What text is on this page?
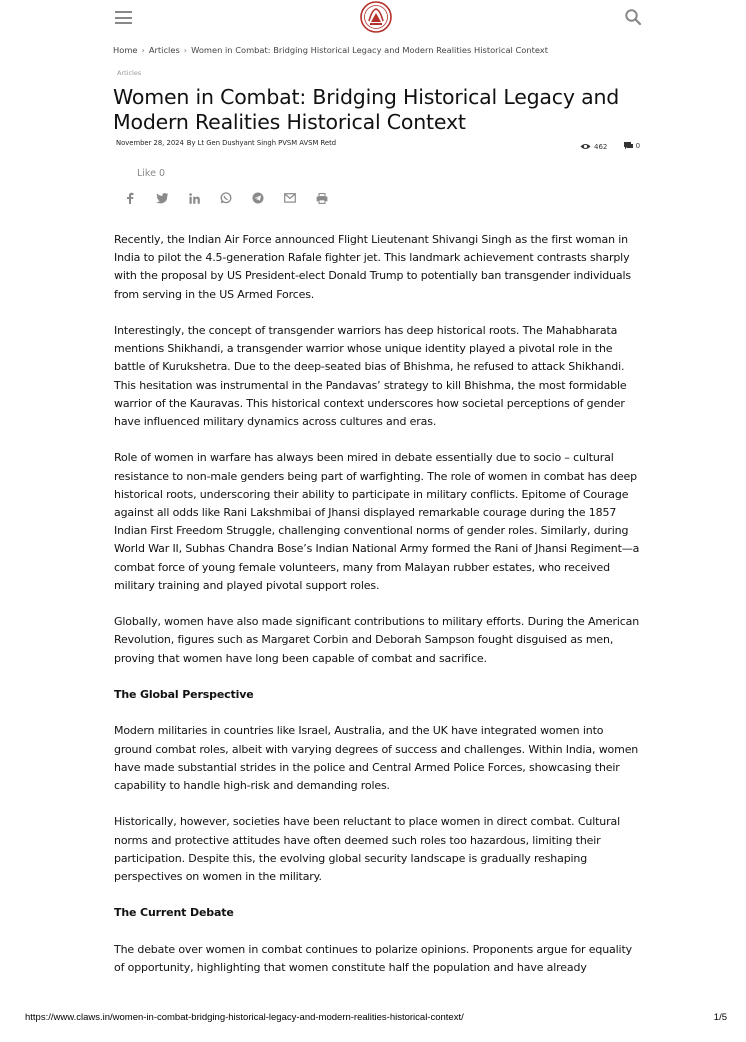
Home › Articles › Women in Combat: Bridging Historical Legacy and Modern Realities Historical Context
Articles
Women in Combat: Bridging Historical Legacy and Modern Realities Historical Context
November 28, 2024 By Lt Gen Dushyant Singh PVSM AVSM Retd	462
	0
Like 0

Recently, the Indian Air Force announced Flight Lieutenant Shivangi Singh as the first woman in India to pilot the 4.5-generation Rafale fighter jet. This landmark achievement contrasts sharply with the proposal by US President-elect Donald Trump to potentially ban transgender individuals from serving in the US Armed Forces.

Interestingly, the concept of transgender warriors has deep historical roots. The Mahabharata mentions Shikhandi, a transgender warrior whose unique identity played a pivotal role in the battle of Kurukshetra. Due to the deep-seated bias of Bhishma, he refused to attack Shikhandi. This hesitation was instrumental in the Pandavas’ strategy to kill Bhishma, the most formidable warrior of the Kauravas. This historical context underscores how societal perceptions of gender have influenced military dynamics across cultures and eras.

Role of women in warfare has always been mired in debate essentially due to socio – cultural resistance to non-male genders being part of warfighting. The role of women in combat has deep historical roots, underscoring their ability to participate in military conflicts. Epitome of Courage against all odds like Rani Lakshmibai of Jhansi displayed remarkable courage during the 1857 Indian First Freedom Struggle, challenging conventional norms of gender roles. Similarly, during World War II, Subhas Chandra Bose’s Indian National Army formed the Rani of Jhansi Regiment—a combat force of young female volunteers, many from Malayan rubber estates, who received military training and played pivotal support roles.

Globally, women have also made significant contributions to military efforts. During the American Revolution, figures such as Margaret Corbin and Deborah Sampson fought disguised as men, proving that women have long been capable of combat and sacrifice.

The Global Perspective

Modern militaries in countries like Israel, Australia, and the UK have integrated women into ground combat roles, albeit with varying degrees of success and challenges. Within India, women have made substantial strides in the police and Central Armed Police Forces, showcasing their capability to handle high-risk and demanding roles.

Historically, however, societies have been reluctant to place women in direct combat. Cultural norms and protective attitudes have often deemed such roles too hazardous, limiting their participation. Despite this, the evolving global security landscape is gradually reshaping perspectives on women in the military.

The Current Debate

The debate over women in combat continues to polarize opinions. Proponents argue for equality of opportunity, highlighting that women constitute half the population and have already

https://www.claws.in/women-in-combat-bridging-historical-legacy-and-modern-realities-historical-context/	1/5
